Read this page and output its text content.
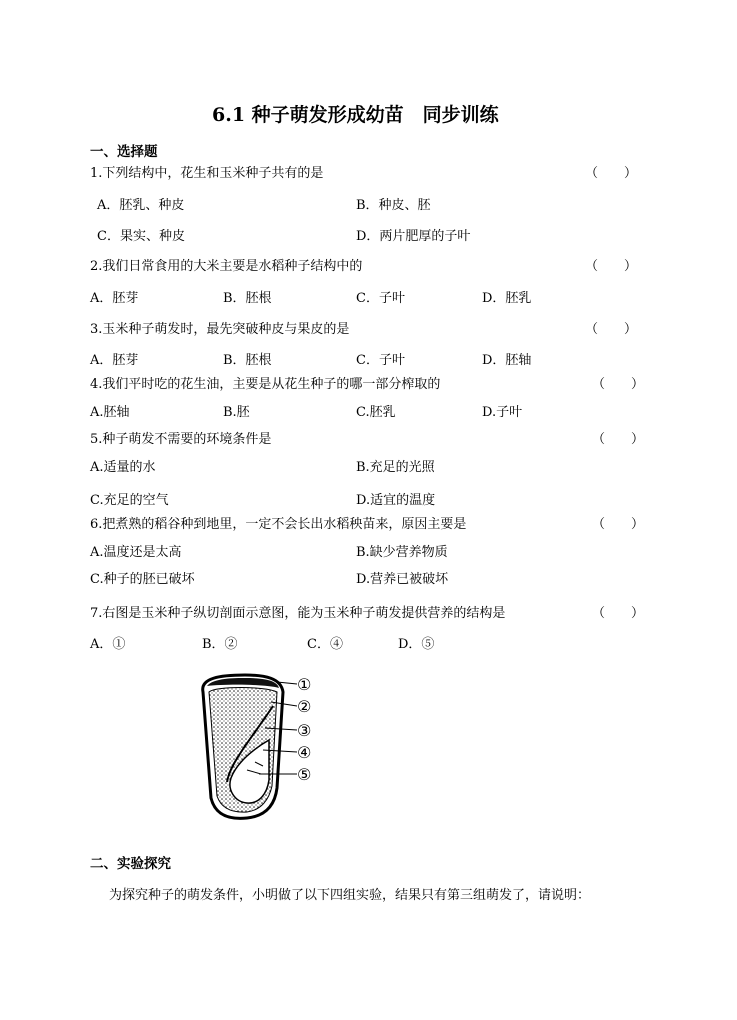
6.1 种子萌发形成幼苗　同步训练
一、选择题
1.下列结构中，花生和玉米种子共有的是	（　　）
A．胚乳、种皮	B．种皮、胚
C．果实、种皮	D．两片肥厚的子叶
2.我们日常食用的大米主要是水稻种子结构中的	（　　）
A．胚芽	B．胚根	C．子叶	D．胚乳
3.玉米种子萌发时，最先突破种皮与果皮的是	（　　）
A．胚芽	B．胚根	C．子叶	D．胚轴
4.我们平时吃的花生油，主要是从花生种子的哪一部分榨取的	（　　）
A.胚轴	B.胚	C.胚乳	D.子叶
5.种子萌发不需要的环境条件是	（　　）
A.适量的水	B.充足的光照
C.充足的空气	D.适宜的温度
6.把煮熟的稻谷种到地里，一定不会长出水稻秧苗来，原因主要是	（　　）
A.温度还是太高	B.缺少营养物质
C.种子的胚已破坏	D.营养已被破坏
7.右图是玉米种子纵切剖面示意图，能为玉米种子萌发提供营养的结构是	（　　）
A．①	B．②	C．④	D．⑤
①
②
③
④
⑤
二、实验探究
为探究种子的萌发条件，小明做了以下四组实验，结果只有第三组萌发了，请说明：
